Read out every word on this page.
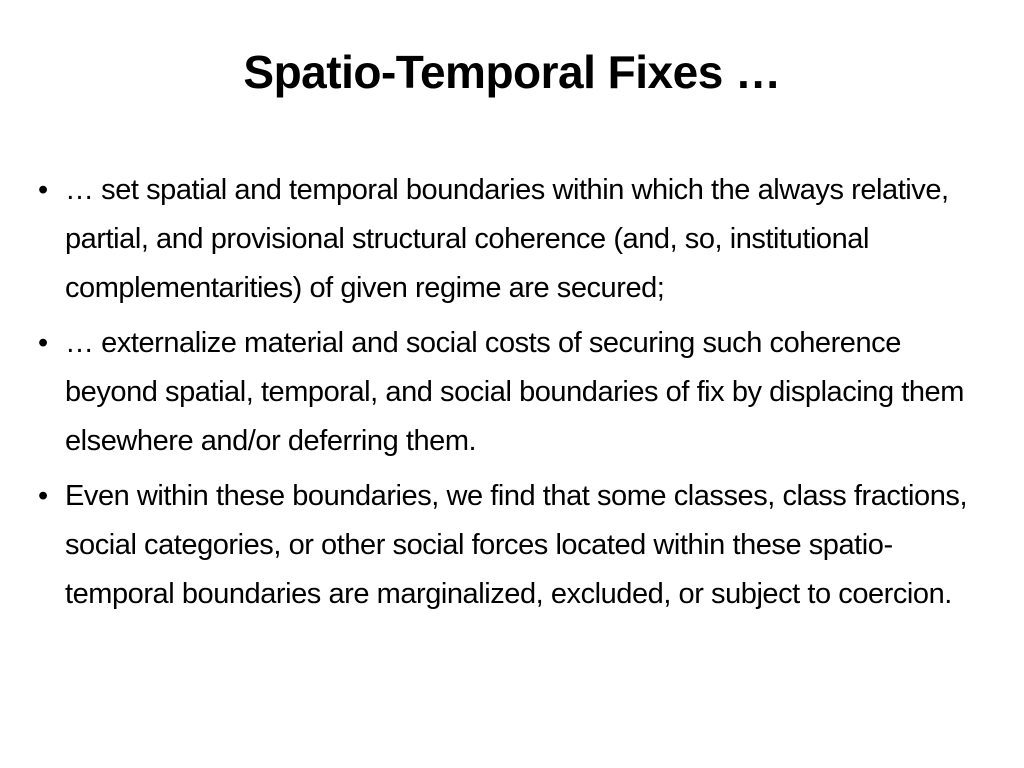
Spatio-Temporal Fixes …
• … set spatial and temporal boundaries within which the always relative, partial, and provisional structural coherence (and, so, institutional complementarities) of given regime are secured;
• … externalize material and social costs of securing such coherence beyond spatial, temporal, and social boundaries of fix by displacing them elsewhere and/or deferring them.
• Even within these boundaries, we find that some classes, class fractions, social categories, or other social forces located within these spatio-temporal boundaries are marginalized, excluded, or subject to coercion.
